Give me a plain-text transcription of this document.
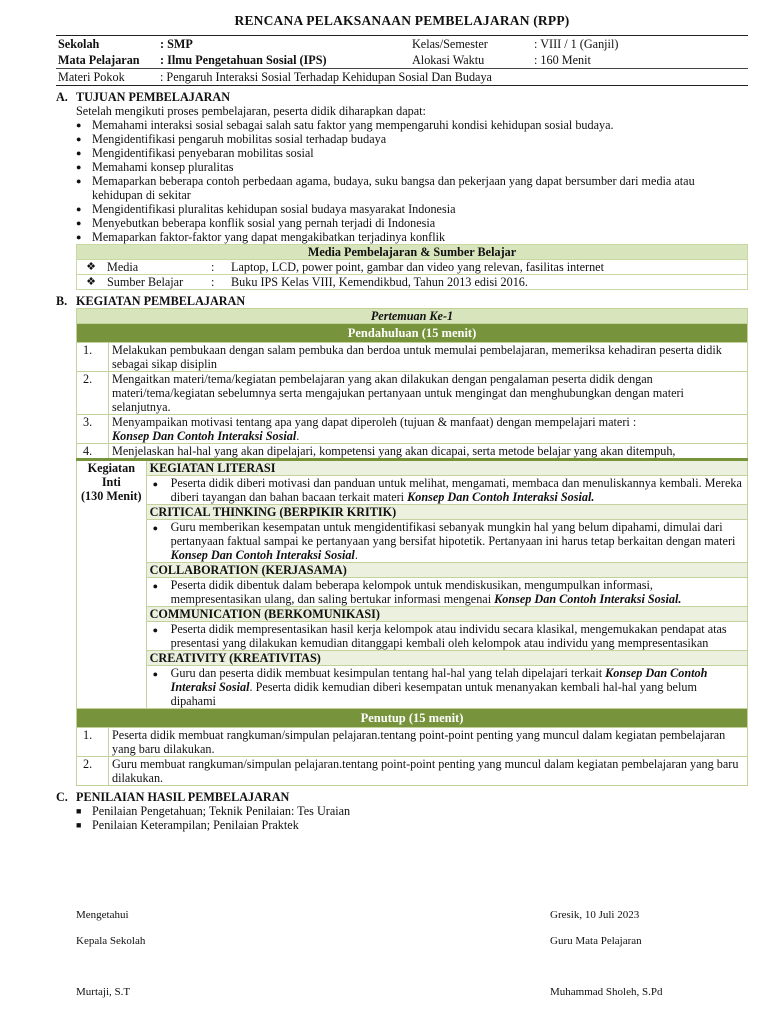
RENCANA PELAKSANAAN PEMBELAJARAN (RPP)
Sekolah	: SMP	Kelas/Semester	: VIII / 1 (Ganjil)
Mata Pelajaran	: Ilmu Pengetahuan Sosial (IPS)	Alokasi Waktu	: 160 Menit
Materi Pokok	: Pengaruh Interaksi Sosial Terhadap Kehidupan Sosial Dan Budaya		
A. TUJUAN PEMBELAJARAN
Setelah mengikuti proses pembelajaran, peserta didik diharapkan dapat:
● Memahami interaksi sosial sebagai salah satu faktor yang mempengaruhi kondisi kehidupan sosial budaya.
● Mengidentifikasi pengaruh mobilitas sosial terhadap budaya
● Mengidentifikasi penyebaran mobilitas sosial
● Memahami konsep pluralitas
● Memaparkan beberapa contoh perbedaan agama, budaya, suku bangsa dan pekerjaan yang dapat bersumber dari media atau kehidupan di sekitar
● Mengidentifikasi pluralitas kehidupan sosial budaya masyarakat Indonesia
● Menyebutkan beberapa konflik sosial yang pernah terjadi di Indonesia
● Memaparkan faktor-faktor yang dapat mengakibatkan terjadinya konflik
Media Pembelajaran & Sumber Belajar			
❖	Media	:	Laptop, LCD, power point, gambar dan video yang relevan, fasilitas internet
❖	Sumber Belajar	:	Buku IPS Kelas VIII, Kemendikbud, Tahun 2013 edisi 2016.
B. KEGIATAN PEMBELAJARAN
Pertemuan Ke-1		
Pendahuluan (15 menit)		
1.	Melakukan pembukaan dengan salam pembuka dan berdoa untuk memulai pembelajaran, memeriksa kehadiran peserta didik sebagai sikap disiplin	
2.	Mengaitkan materi/tema/kegiatan pembelajaran yang akan dilakukan dengan pengalaman peserta didik dengan materi/tema/kegiatan sebelumnya serta mengajukan pertanyaan untuk mengingat dan menghubungkan dengan materi selanjutnya.	
3.	Menyampaikan motivasi tentang apa yang dapat diperoleh (tujuan & manfaat) dengan mempelajari materi :
Konsep Dan Contoh Interaksi Sosial.	
4.	Menjelaskan hal-hal yang akan dipelajari, kompetensi yang akan dicapai, serta metode belajar yang akan ditempuh,	

Kegiatan
Inti
(130 Menit)		KEGIATAN LITERASI
		● Peserta didik diberi motivasi dan panduan untuk melihat, mengamati, membaca dan menuliskannya kembali. Mereka diberi tayangan dan bahan bacaan terkait materi Konsep Dan Contoh Interaksi Sosial.
		CRITICAL THINKING (BERPIKIR KRITIK)
		● Guru memberikan kesempatan untuk mengidentifikasi sebanyak mungkin hal yang belum dipahami, dimulai dari pertanyaan faktual sampai ke pertanyaan yang bersifat hipotetik. Pertanyaan ini harus tetap berkaitan dengan materi Konsep Dan Contoh Interaksi Sosial.
		COLLABORATION (KERJASAMA)
		● Peserta didik dibentuk dalam beberapa kelompok untuk mendiskusikan, mengumpulkan informasi, mempresentasikan ulang, dan saling bertukar informasi mengenai Konsep Dan Contoh Interaksi Sosial.
		COMMUNICATION (BERKOMUNIKASI)
		● Peserta didik mempresentasikan hasil kerja kelompok atau individu secara klasikal, mengemukakan pendapat atas presentasi yang dilakukan kemudian ditanggapi kembali oleh kelompok atau individu yang mempresentasikan
		CREATIVITY (KREATIVITAS)
		● Guru dan peserta didik membuat kesimpulan tentang hal-hal yang telah dipelajari terkait Konsep Dan Contoh Interaksi Sosial. Peserta didik kemudian diberi kesempatan untuk menanyakan kembali hal-hal yang belum dipahami
Penutup (15 menit)		
1.	Peserta didik membuat rangkuman/simpulan pelajaran.tentang point-point penting yang muncul dalam kegiatan pembelajaran yang baru dilakukan.	
2.	Guru membuat rangkuman/simpulan pelajaran.tentang point-point penting yang muncul dalam kegiatan pembelajaran yang baru dilakukan.	
C. PENILAIAN HASIL PEMBELAJARAN
■ Penilaian Pengetahuan; Teknik Penilaian: Tes Uraian
■ Penilaian Keterampilan; Penilaian Praktek
Mengetahui
Kepala Sekolah
Murtaji, S.T
Gresik, 10 Juli 2023
Guru Mata Pelajaran
Muhammad Sholeh, S.Pd
